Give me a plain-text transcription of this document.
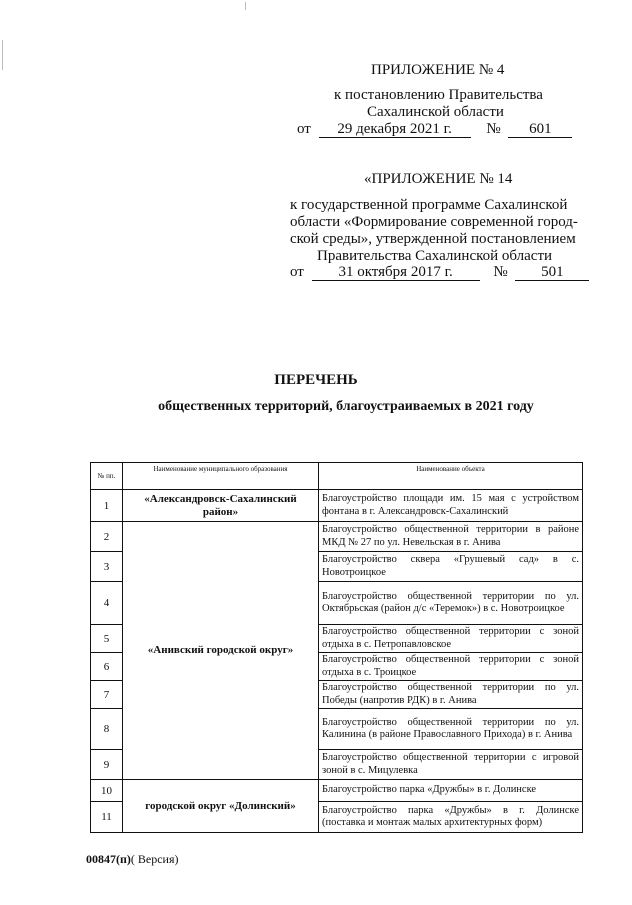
ПРИЛОЖЕНИЕ № 4
к постановлению Правительства
Сахалинской области
от 29 декабря 2021 г. № 601
«ПРИЛОЖЕНИЕ № 14
к государственной программе Сахалинской
области «Формирование современной город-
ской среды», утвержденной постановлением
Правительства Сахалинской области
от 31 октября 2017 г.	№ 501
ПЕРЕЧЕНЬ
общественных территорий, благоустраиваемых в 2021 году
№ пп.	Наименование муниципального образования	Наименование объекта
1	«Александровск-Сахалинский район»	Благоустройство площади им. 15 мая с устройством фонтана в г. Александровск-Сахалинский
2	«Анивский городской округ»	Благоустройство общественной территории в районе МКД № 27 по ул. Невельская в г. Анива
3		Благоустройство сквера «Грушевый сад» в с. Новотроицкое
4		Благоустройство общественной территории по ул. Октябрьская (район д/с «Теремок») в с. Новотроицкое
5		Благоустройство общественной территории с зоной отдыха в с. Петропавловское
6		Благоустройство общественной территории с зоной отдыха в с. Троицкое
7		Благоустройство общественной территории по ул. Победы (напротив РДК) в г. Анива
8		Благоустройство общественной территории по ул. Калинина (в районе Православного Прихода) в г. Анива
9		Благоустройство общественной территории с игровой зоной в с. Мицулевка
10	городской округ «Долинский»	Благоустройство парка «Дружбы» в г. Долинске
11		Благоустройство парка «Дружбы» в г. Долинске (поставка и монтаж малых архитектурных форм)
00847(п)( Версия)
